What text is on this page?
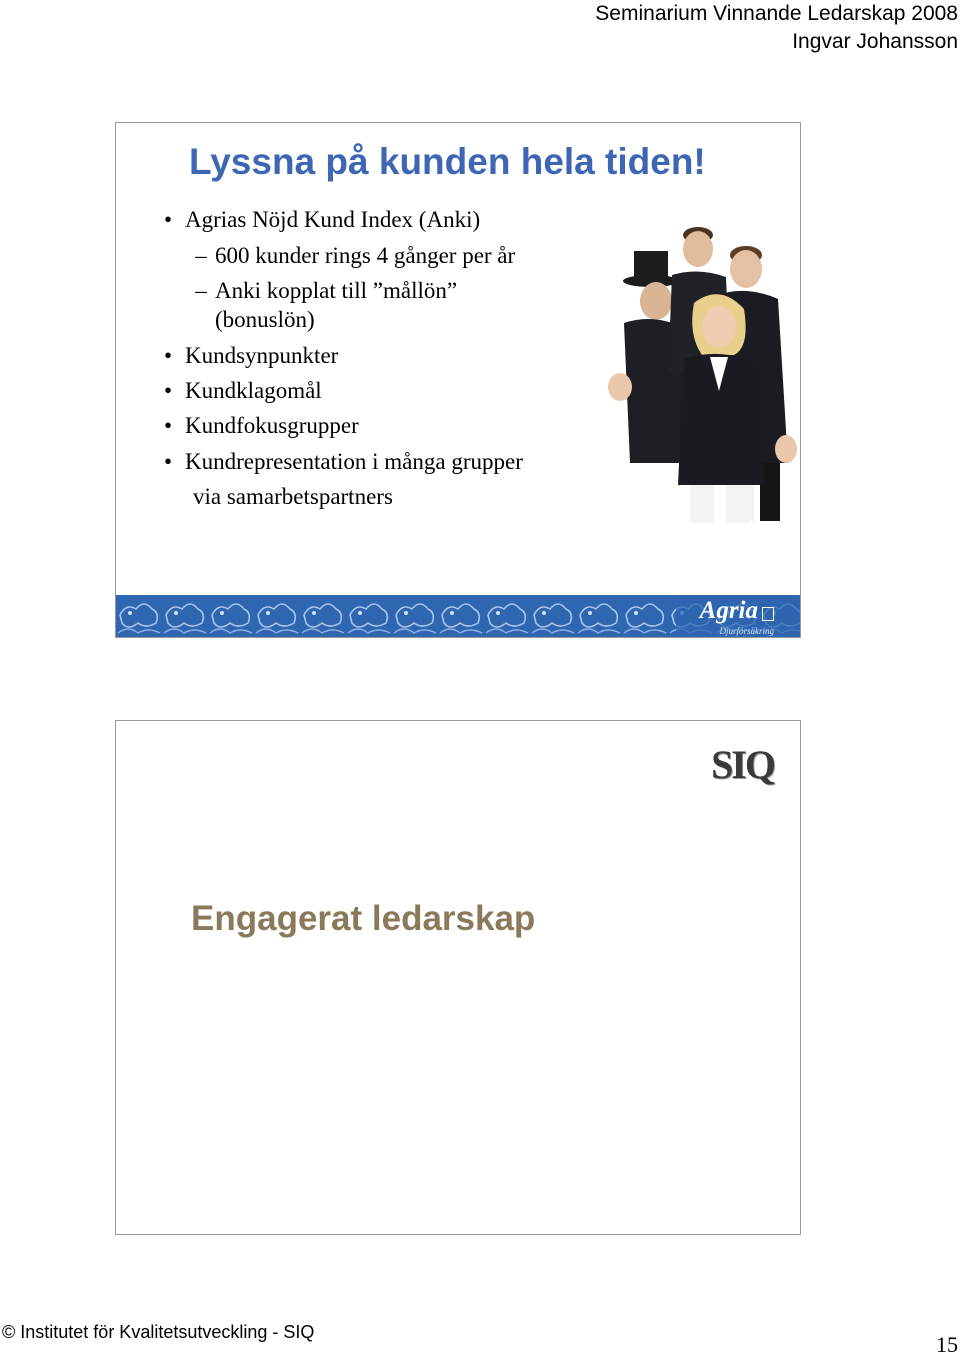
Seminarium Vinnande Ledarskap 2008
Ingvar Johansson
Lyssna på kunden hela tiden!
• Agrias Nöjd Kund Index (Anki)
– 600 kunder rings 4 gånger per år
– Anki kopplat till ”mållön”
(bonuslön)
• Kundsynpunkter
• Kundklagomål
• Kundfokusgrupper
• Kundrepresentation i många grupper
via samarbetspartners
Agria
Djurförsäkring
SIQ
Engagerat ledarskap
© Institutet för Kvalitetsutveckling - SIQ	15
